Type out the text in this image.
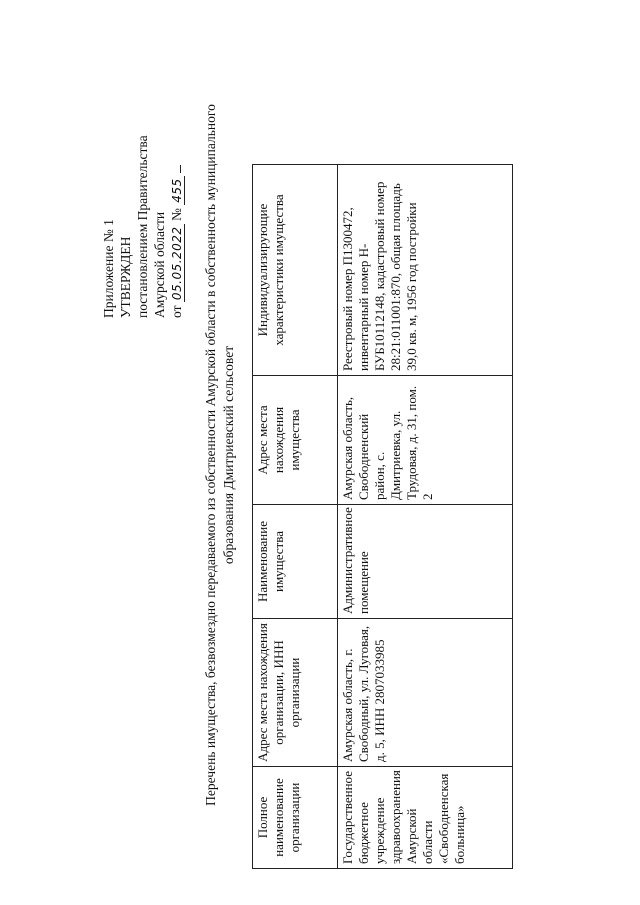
Приложение № 1 УТВЕРЖДЕН постановлением Правительства Амурской области от 05.05.2022 № 455 Перечень имущества, безвозмездно передаваемого из собственности Амурской области в собственность муниципального образования Дмитриевский сельсовет
Полное наименование организации	Адрес места нахождения организации, ИНН организации	Наименование имущества	Адрес места нахождения имущества	Индивидуализирующие характеристики имущества
Государственное бюджетное учреждение здравоохранения Амурской области «Свободненская больница»	Амурская область, г. Свободный, ул. Луговая, д. 5, ИНН 2807033985	Административное помещение	Амурская область, Свободненский район, с. Дмитриевка, ул. Трудовая, д. 31, пом. 2	Реестровый номер П1300472, инвентарный номер Н-БУБ10112148, кадастровый номер 28:21:011001:870, общая площадь 39,0 кв. м, 1956 год постройки
